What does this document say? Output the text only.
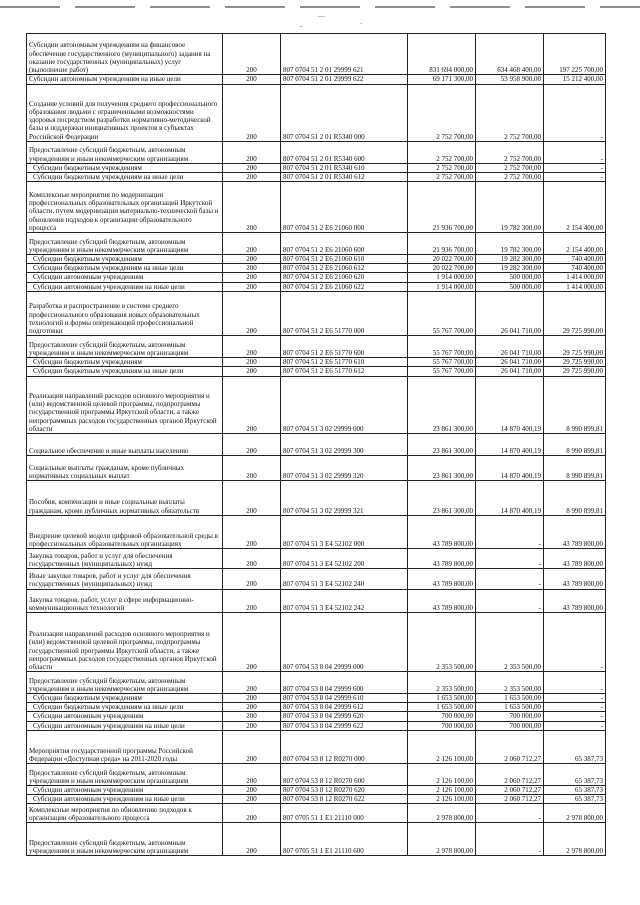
—
·
-
Субсидии автономным учреждениям на финансовое обеспечение государственного (муниципального) задания на оказание государственных (муниципальных) услуг (выполнение работ)	200	807 0704 51 2 01 29999 621	831 694 000,00	634 468 400,00	197 225 700,00
Субсидии автономным учреждениям на иные цели	200	807 0704 51 2 01 29999 622	69 171 300,00	53 958 900,00	15 212 400,00
Создание условий для получения среднего профессионального образования людьми с ограниченными возможностями здоровья посредством разработки нормативно-методической базы и поддержки инициативных проектов в субъектах Российской Федерации	200	807 0704 51 2 01 R5340 000	2 752 700,00	2 752 700,00	-
Предоставление субсидий бюджетным, автономным учреждениям и иным некоммерческим организациям	200	807 0704 51 2 01 R5340 600	2 752 700,00	2 752 700,00	-
Субсидии бюджетным учреждениям	200	807 0704 51 2 01 R5340 610	2 752 700,00	2 752 700,00	-
Субсидии бюджетным учреждениям на иные цели	200	807 0704 51 2 01 R5340 612	2 752 700,00	2 752 700,00	-
Комплексные мероприятия по модернизации профессиональных образовательных организаций Иркутской области, путем модернизации материально-технической базы и обновления подходов к организации образовательного процесса	200	807 0704 51 2 Е6 21060 000	21 936 700,00	19 782 300,00	2 154 400,00
Предоставление субсидий бюджетным, автономным учреждениям и иным некоммерческим организациям	200	807 0704 51 2 Е6 21060 600	21 936 700,00	19 782 300,00	2 154 400,00
Субсидии бюджетным учреждениям	200	807 0704 51 2 Е6 21060 610	20 022 700,00	19 282 300,00	740 400,00
Субсидии бюджетным учреждениям на иные цели	200	807 0704 51 2 Е6 21060 612	20 022 700,00	19 282 300,00	740 400,00
Субсидии автономным учреждениям	200	807 0704 51 2 Е6 21060 620	1 914 000,00	500 000,00	1 414 000,00
Субсидии автономным учреждениям на иные цели	200	807 0704 51 2 Е6 21060 622	1 914 000,00	500 000,00	1 414 000,00
Разработка и распространение в системе среднего профессионального образования новых образовательных технологий и формы опережающей профессиональной подготовки	200	807 0704 51 2 Е6 51770 000	55 767 700,00	26 041 710,00	29 725 990,00
Предоставление субсидий бюджетным, автономным учреждениям и иным некоммерческим организациям	200	807 0704 51 2 Е6 51770 600	55 767 700,00	26 041 710,00	29 725 990,00
Субсидии бюджетным учреждениям	200	807 0704 51 2 Е6 51770 610	55 767 700,00	26 041 710,00	29 725 990,00
Субсидии бюджетным учреждениям на иные цели	200	807 0704 51 2 Е6 51770 612	55 767 700,00	26 041 710,00	29 725 990,00
Реализация направлений расходов основного мероприятия и (или) ведомственной целевой программы, подпрограммы государственной программы Иркутской области, а также непрограммных расходов государственных органов Иркутской области	200	807 0704 51 3 02 29999 000	23 861 300,00	14 870 400,19	8 990 899,81
Социальное обеспечение и иные выплаты населению	200	807 0704 51 3 02 29999 300	23 861 300,00	14 870 400,19	8 990 899,81
Социальные выплаты гражданам, кроме публичных нормативных социальных выплат	200	807 0704 51 3 02 29999 320	23 861 300,00	14 870 400,19	8 990 899,81
Пособия, компенсации и иные социальные выплаты гражданам, кроме публичных нормативных обязательств	200	807 0704 51 3 02 29999 321	23 861 300,00	14 870 400,19	8 990 899,81
Внедрение целевой модели цифровой образовательной среды в профессиональных образовательных организациях	200	807 0704 51 3 Е4 52102 000	43 789 800,00	-	43 789 800,00
Закупка товаров, работ и услуг для обеспечения государственных (муниципальных) нужд	200	807 0704 51 3 Е4 52102 200	43 789 800,00	-	43 789 800,00
Иные закупки товаров, работ и услуг для обеспечения государственных (муниципальных) нужд	200	807 0704 51 3 Е4 52102 240	43 789 800,00	-	43 789 800,00
Закупка товаров, работ, услуг в сфере информационно-коммуникационных технологий	200	807 0704 51 3 Е4 52102 242	43 789 800,00	-	43 789 800,00
Реализация направлений расходов основного мероприятия и (или) ведомственной целевой программы, подпрограммы государственной программы Иркутской области, а также непрограммных расходов государственных органов Иркутской области	200	807 0704 53 8 04 29999 000	2 353 500,00	2 353 500,00	-
Предоставление субсидий бюджетным, автономным учреждениям и иным некоммерческим организациям	200	807 0704 53 8 04 29999 600	2 353 500,00	2 353 500,00	-
Субсидии бюджетным учреждениям	200	807 0704 53 8 04 29999 610	1 653 500,00	1 653 500,00	-
Субсидии бюджетным учреждениям на иные цели	200	807 0704 53 8 04 29999 612	1 653 500,00	1 653 500,00	-
Субсидии автономным учреждениям	200	807 0704 53 8 04 29999 620	700 000,00	700 000,00	-
Субсидии автономным учреждениям на иные цели	200	807 0704 53 8 04 29999 622	700 000,00	700 000,00	-
Мероприятия государственной программы Российской Федерации «Доступная среда» на 2011-2020 годы	200	807 0704 53 8 12 R0270 000	2 126 100,00	2 060 712,27	65 387,73
Предоставление субсидий бюджетным, автономным учреждениям и иным некоммерческим организациям	200	807 0704 53 8 12 R0270 600	2 126 100,00	2 060 712,27	65 387,73
Субсидии автономным учреждениям	200	807 0704 53 8 12 R0270 620	2 126 100,00	2 060 712,27	65 387,73
Субсидии автономным учреждениям на иные цели	200	807 0704 53 8 12 R0270 622	2 126 100,00	2 060 712,27	65 387,73
Комплексные мероприятия по обновлению подходов к организации образовательного процесса	200	807 0705 51 1 Е1 21110 000	2 978 800,00	-	2 978 800,00
Предоставление субсидий бюджетным, автономным учреждениям и иным некоммерческим организациям	200	807 0705 51 1 Е1 21110 600	2 978 800,00	-	2 978 800,00
